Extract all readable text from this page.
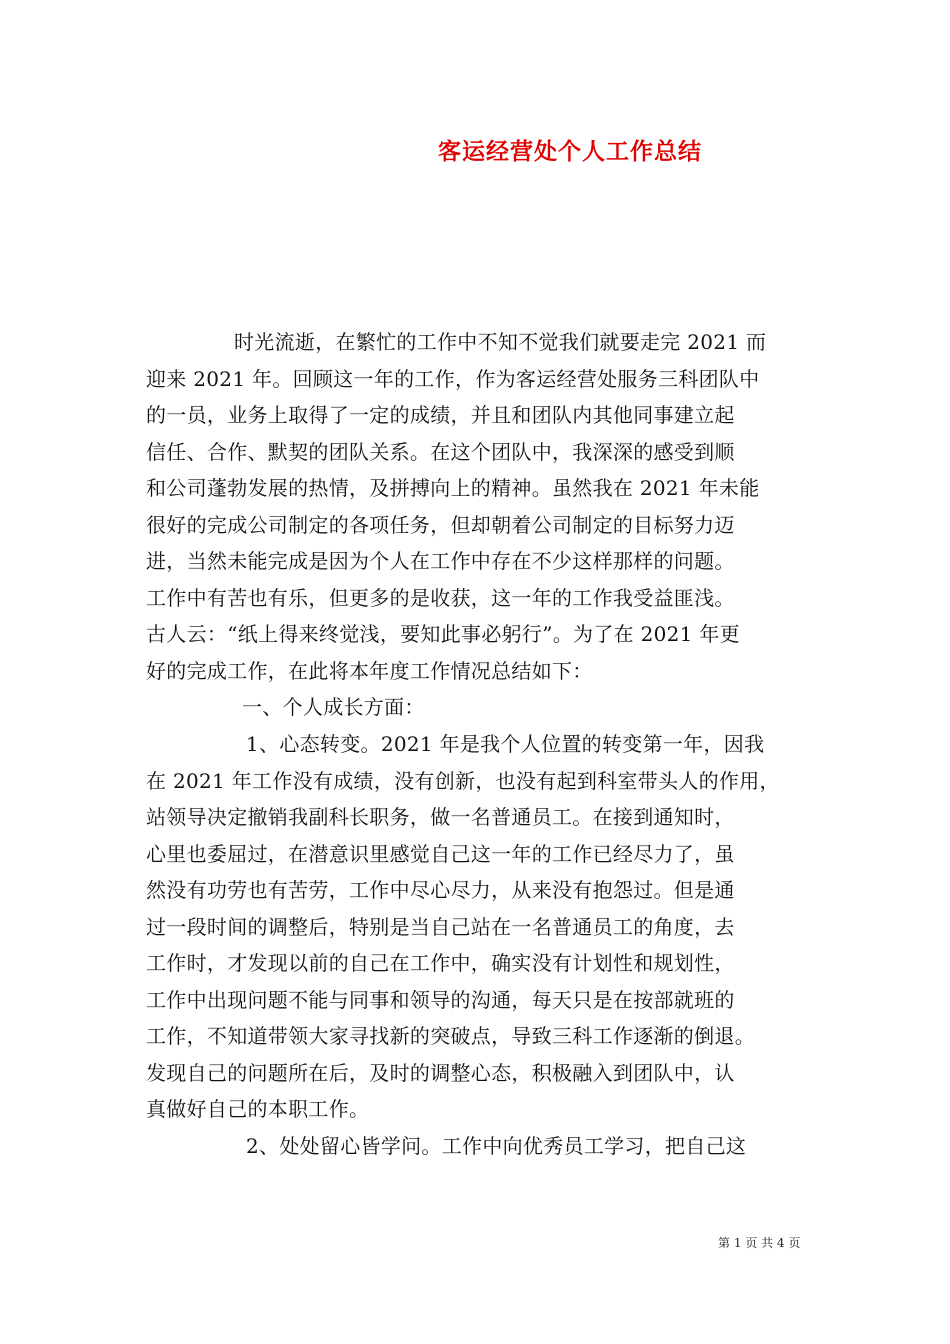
客运经营处个人工作总结
时光流逝，在繁忙的工作中不知不觉我们就要走完 2021 而
迎来 2021 年。回顾这一年的工作，作为客运经营处服务三科团队中
的一员，业务上取得了一定的成绩，并且和团队内其他同事建立起
信任、合作、默契的团队关系。在这个团队中，我深深的感受到顺
和公司蓬勃发展的热情，及拼搏向上的精神。虽然我在 2021 年未能
很好的完成公司制定的各项任务，但却朝着公司制定的目标努力迈
进，当然未能完成是因为个人在工作中存在不少这样那样的问题。
工作中有苦也有乐，但更多的是收获，这一年的工作我受益匪浅。
古人云：“纸上得来终觉浅，要知此事必躬行”。为了在 2021 年更
好的完成工作，在此将本年度工作情况总结如下：
一、个人成长方面：
1、心态转变。2021 年是我个人位置的转变第一年，因我
在 2021 年工作没有成绩，没有创新，也没有起到科室带头人的作用，
站领导决定撤销我副科长职务，做一名普通员工。在接到通知时，
心里也委屈过，在潜意识里感觉自己这一年的工作已经尽力了，虽
然没有功劳也有苦劳，工作中尽心尽力，从来没有抱怨过。但是通
过一段时间的调整后，特别是当自己站在一名普通员工的角度，去
工作时，才发现以前的自己在工作中，确实没有计划性和规划性，
工作中出现问题不能与同事和领导的沟通，每天只是在按部就班的
工作，不知道带领大家寻找新的突破点，导致三科工作逐渐的倒退。
发现自己的问题所在后，及时的调整心态，积极融入到团队中，认
真做好自己的本职工作。
2、处处留心皆学问。工作中向优秀员工学习，把自己这
第 1 页 共 4 页
